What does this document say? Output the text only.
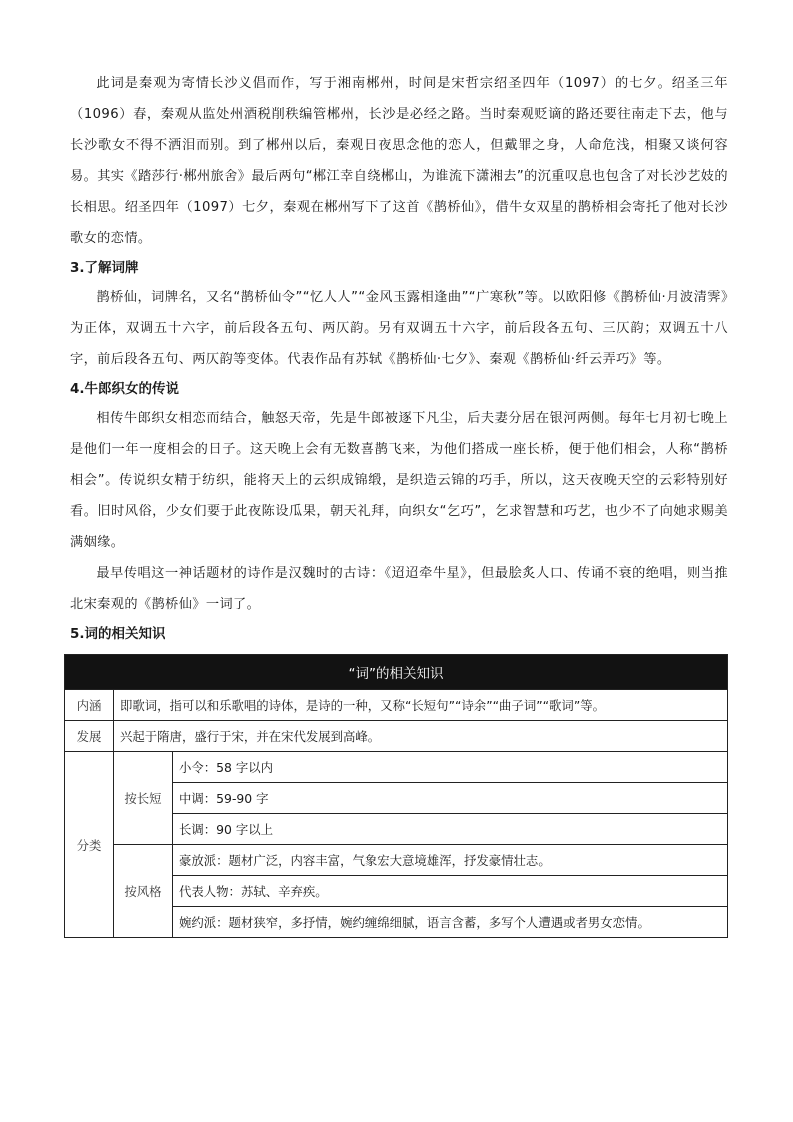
此词是秦观为寄情长沙义倡而作，写于湘南郴州，时间是宋哲宗绍圣四年（1097）的七夕。绍圣三年（1096）春，秦观从监处州酒税削秩编管郴州，长沙是必经之路。当时秦观贬谪的路还要往南走下去，他与长沙歌女不得不洒泪而别。到了郴州以后，秦观日夜思念他的恋人，但戴罪之身，人命危浅，相聚又谈何容易。其实《踏莎行·郴州旅舍》最后两句“郴江幸自绕郴山，为谁流下潇湘去”的沉重叹息也包含了对长沙艺妓的长相思。绍圣四年（1097）七夕，秦观在郴州写下了这首《鹊桥仙》，借牛女双星的鹊桥相会寄托了他对长沙歌女的恋情。

3.了解词牌

鹊桥仙，词牌名，又名“鹊桥仙令”“忆人人”“金风玉露相逢曲”“广寒秋”等。以欧阳修《鹊桥仙·月波清霁》为正体，双调五十六字，前后段各五句、两仄韵。另有双调五十六字，前后段各五句、三仄韵；双调五十八字，前后段各五句、两仄韵等变体。代表作品有苏轼《鹊桥仙·七夕》、秦观《鹊桥仙·纤云弄巧》等。

4.牛郎织女的传说

相传牛郎织女相恋而结合，触怒天帝，先是牛郎被逐下凡尘，后夫妻分居在银河两侧。每年七月初七晚上是他们一年一度相会的日子。这天晚上会有无数喜鹊飞来，为他们搭成一座长桥，便于他们相会，人称“鹊桥相会”。传说织女精于纺织，能将天上的云织成锦缎，是织造云锦的巧手，所以，这天夜晚天空的云彩特别好看。旧时风俗，少女们要于此夜陈设瓜果，朝天礼拜，向织女“乞巧”，乞求智慧和巧艺，也少不了向她求赐美满姻缘。

最早传唱这一神话题材的诗作是汉魏时的古诗：《迢迢牵牛星》，但最脍炙人口、传诵不衰的绝唱，则当推北宋秦观的《鹊桥仙》一词了。

5.词的相关知识
“词”的相关知识		
内涵	即歌词，指可以和乐歌唱的诗体，是诗的一种，又称“长短句”“诗余”“曲子词”“歌词”等。	
发展	兴起于隋唐，盛行于宋，并在宋代发展到高峰。	
分类	按长短	小令：58 字以内
		中调：59-90 字
		长调：90 字以上
	按风格	豪放派：题材广泛，内容丰富，气象宏大意境雄浑，抒发豪情壮志。
		代表人物：苏轼、辛弃疾。
		婉约派：题材狭窄，多抒情，婉约缠绵细腻，语言含蓄，多写个人遭遇或者男女恋情。
